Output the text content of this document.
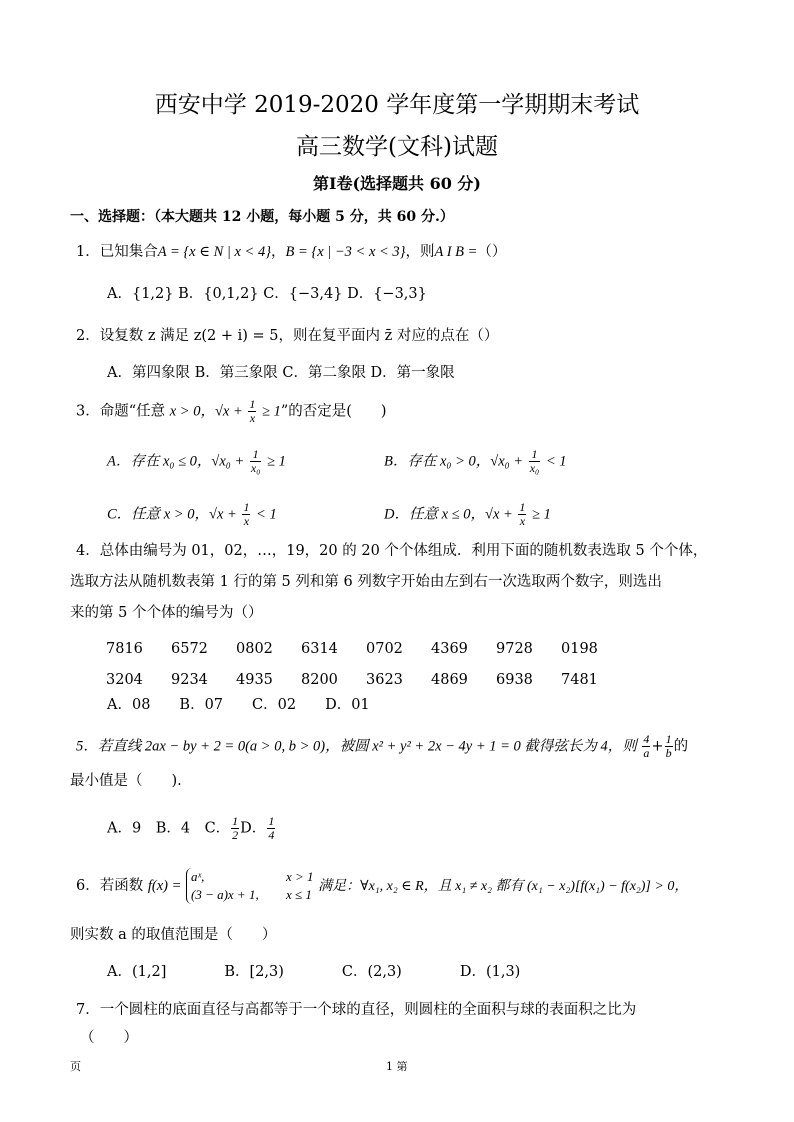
西安中学 2019-2020 学年度第一学期期末考试
高三数学(文科)试题
第Ⅰ卷(选择题共 60 分)
一、选择题：（本大题共 12 小题，每小题 5 分，共 60 分.）
1．已知集合A = {x ∈ N | x < 4}，B = {x | −3 < x < 3}，则A I B =（）
A．{1,2} B．{0,1,2} C．{−3,4} D．{−3,3}
2．设复数 z 满足 z(2 + i) = 5，则在复平面内 z̄ 对应的点在（）
A．第四象限 B．第三象限 C．第二象限 D．第一象限
3．命题“任意 x > 0，$√x + \frac{1}{x} \ge 1$”的否定是(　　)
A．存在 x₀ ≤ 0，$√x_0 + \frac{1}{\text{x₀}} \ge 1$	B．存在 x₀ > 0，$√x_0 + \frac{1}{\text{x₀}} < 1$
C．任意 x > 0，$√x + \frac{1}{x} < 1$	D．任意 x ≤ 0，$√x + \frac{1}{x} \ge 1$
4．总体由编号为 01，02，…，19，20 的 20 个个体组成．利用下面的随机数表选取 5 个个体，
选取方法从随机数表第 1 行的第 5 列和第 6 列数字开始由左到右一次选取两个数字，则选出
来的第 5 个个体的编号为（）
7816	6572	0802	6314	0702	4369	9728	0198
3204	9234	4935	8200	3623	4869	6938	7481
A．08　　B．07　　C．02　　D．01
5．若直线 2ax − by + 2 = 0(a > 0, b > 0)，被圆 x² + y² + 2x − 4y + 1 = 0 截得弦长为 4，则 $\frac{4}{a} + \frac{1}{b}$ 的
最小值是（　　).
A．9　B．4　C． $\frac{1}{2}$ D． $\frac{1}{4}$
6．若函数 f(x) = aˣ,	x > 1
(3 − a)x + 1, x ≤ 1 满足：∀x₁, x₂ ∈ R，且 x₁ ≠ x₂ 都有 (x₁ − x₂)[f(x₁) − f(x₂)] > 0，
则实数 a 的取值范围是（　　）
A．(1,2]　　　　B．[2,3)　　　　C．(2,3)　　　　D．(1,3)
7．一个圆柱的底面直径与高都等于一个球的直径，则圆柱的全面积与球的表面积之比为
（　　）
页	1 第
